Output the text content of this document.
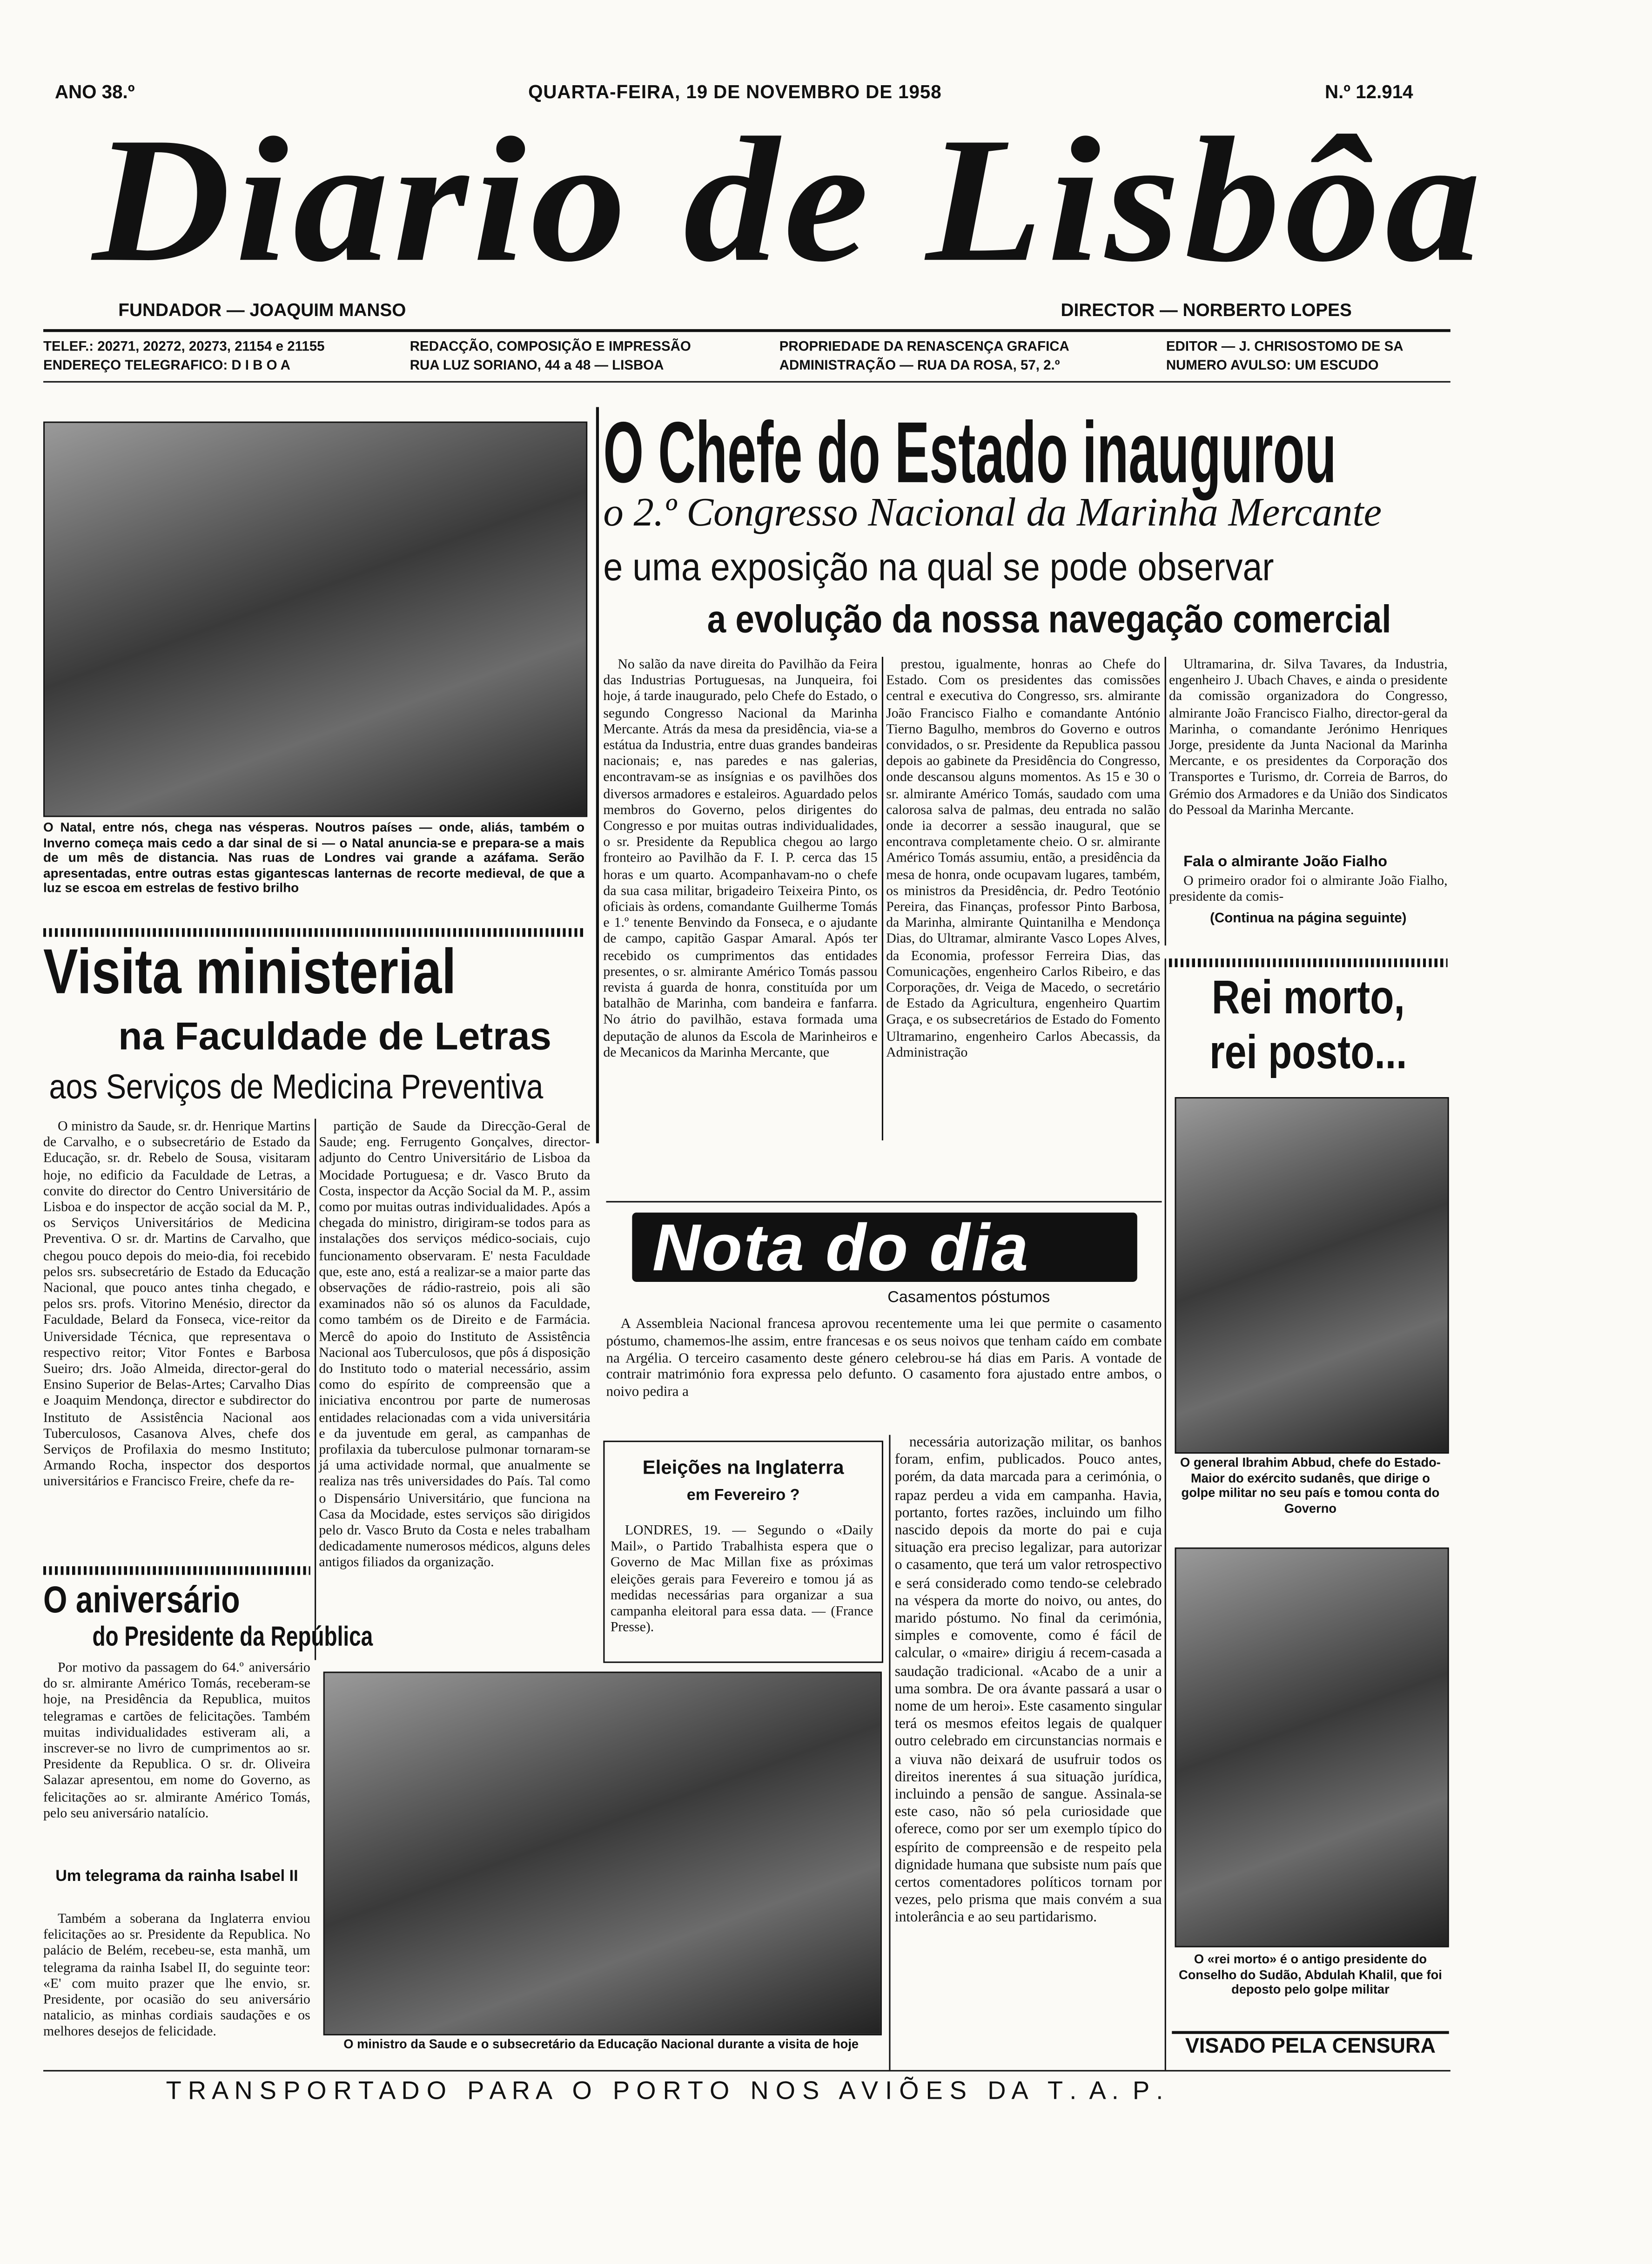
ANO 38.º	QUARTA-FEIRA, 19 DE NOVEMBRO DE 1958	N.º 12.914
Diario de Lisbôa
FUNDADOR — JOAQUIM MANSO	DIRECTOR — NORBERTO LOPES
TELEF.: 20271, 20272, 20273, 21154 e 21155
ENDEREÇO TELEGRAFICO: D I B O A
REDACÇÃO, COMPOSIÇÃO E IMPRESSÃO
RUA LUZ SORIANO, 44 a 48 — LISBOA
PROPRIEDADE DA RENASCENÇA GRAFICA
ADMINISTRAÇÃO — RUA DA ROSA, 57, 2.º
EDITOR — J. CHRISOSTOMO DE SA
NUMERO AVULSO: UM ESCUDO
O Natal, entre nós, chega nas vésperas. Noutros países — onde, aliás, também o Inverno começa mais cedo a dar sinal de si — o Natal anuncia-se e prepara-se a mais de um mês de distancia. Nas ruas de Londres vai grande a azáfama. Serão apresentadas, entre outras estas gigantescas lanternas de recorte medieval, de que a luz se escoa em estrelas de festivo brilho
Visita ministerial
na Faculdade de Letras
aos Serviços de Medicina Preventiva

O ministro da Saude, sr. dr. Henrique Martins de Carvalho, e o subsecretário de Estado da Educação, sr. dr. Rebelo de Sousa, visitaram hoje, no edificio da Faculdade de Letras, a convite do director do Centro Universitário de Lisboa e do inspector de acção social da M. P., os Serviços Universitários de Medicina Preventiva. O sr. dr. Martins de Carvalho, que chegou pouco depois do meio-dia, foi recebido pelos srs. subsecretário de Estado da Educação Nacional, que pouco antes tinha chegado, e pelos srs. profs. Vitorino Menésio, director da Faculdade, Belard da Fonseca, vice-reitor da Universidade Técnica, que representava o respectivo reitor; Vitor Fontes e Barbosa Sueiro; drs. João Almeida, director-geral do Ensino Superior de Belas-Artes; Carvalho Dias e Joaquim Mendonça, director e subdirector do Instituto de Assistência Nacional aos Tuberculosos, Casanova Alves, chefe dos Serviços de Profilaxia do mesmo Instituto; Armando Rocha, inspector dos desportos universitários e Francisco Freire, chefe da re-

partição de Saude da Direcção-Geral de Saude; eng. Ferrugento Gonçalves, director-adjunto do Centro Universitário de Lisboa da Mocidade Portuguesa; e dr. Vasco Bruto da Costa, inspector da Acção Social da M. P., assim como por muitas outras individualidades. Após a chegada do ministro, dirigiram-se todos para as instalações dos serviços médico-sociais, cujo funcionamento observaram. E' nesta Faculdade que, este ano, está a realizar-se a maior parte das observações de rádio-rastreio, pois ali são examinados não só os alunos da Faculdade, como também os de Direito e de Farmácia. Mercê do apoio do Instituto de Assistência Nacional aos Tuberculosos, que pôs á disposição do Instituto todo o material necessário, assim como do espírito de compreensão que a iniciativa encontrou por parte de numerosas entidades relacionadas com a vida universitária e da juventude em geral, as campanhas de profilaxia da tuberculose pulmonar tornaram-se já uma actividade normal, que anualmente se realiza nas três universidades do País. Tal como o Dispensário Universitário, que funciona na Casa da Mocidade, estes serviços são dirigidos pelo dr. Vasco Bruto da Costa e neles trabalham dedicadamente numerosos médicos, alguns deles antigos filiados da organização.

O aniversário
do Presidente da República

Por motivo da passagem do 64.º aniversário do sr. almirante Américo Tomás, receberam-se hoje, na Presidência da Republica, muitos telegramas e cartões de felicitações. Também muitas individualidades estiveram ali, a inscrever-se no livro de cumprimentos ao sr. Presidente da Republica. O sr. dr. Oliveira Salazar apresentou, em nome do Governo, as felicitações ao sr. almirante Américo Tomás, pelo seu aniversário natalício.

Um telegrama da rainha Isabel II

Também a soberana da Inglaterra enviou felicitações ao sr. Presidente da Republica. No palácio de Belém, recebeu-se, esta manhã, um telegrama da rainha Isabel II, do seguinte teor: «E' com muito prazer que lhe envio, sr. Presidente, por ocasião do seu aniversário natalicio, as minhas cordiais saudações e os melhores desejos de felicidade.

O ministro da Saude e o subsecretário da Educação Nacional durante a visita de hoje
O Chefe do Estado inaugurou
o 2.º Congresso Nacional da Marinha Mercante
e uma exposição na qual se pode observar
a evolução da nossa navegação comercial

No salão da nave direita do Pavilhão da Feira das Industrias Portuguesas, na Junqueira, foi hoje, á tarde inaugurado, pelo Chefe do Estado, o segundo Congresso Nacional da Marinha Mercante. Atrás da mesa da presidência, via-se a estátua da Industria, entre duas grandes bandeiras nacionais; e, nas paredes e nas galerias, encontravam-se as insígnias e os pavilhões dos diversos armadores e estaleiros. Aguardado pelos membros do Governo, pelos dirigentes do Congresso e por muitas outras individualidades, o sr. Presidente da Republica chegou ao largo fronteiro ao Pavilhão da F. I. P. cerca das 15 horas e um quarto. Acompanhavam-no o chefe da sua casa militar, brigadeiro Teixeira Pinto, os oficiais às ordens, comandante Guilherme Tomás e 1.º tenente Benvindo da Fonseca, e o ajudante de campo, capitão Gaspar Amaral. Após ter recebido os cumprimentos das entidades presentes, o sr. almirante Américo Tomás passou revista á guarda de honra, constituída por um batalhão de Marinha, com bandeira e fanfarra. No átrio do pavilhão, estava formada uma deputação de alunos da Escola de Marinheiros e de Mecanicos da Marinha Mercante, que

prestou, igualmente, honras ao Chefe do Estado. Com os presidentes das comissões central e executiva do Congresso, srs. almirante João Francisco Fialho e comandante António Tierno Bagulho, membros do Governo e outros convidados, o sr. Presidente da Republica passou depois ao gabinete da Presidência do Congresso, onde descansou alguns momentos. As 15 e 30 o sr. almirante Américo Tomás, saudado com uma calorosa salva de palmas, deu entrada no salão onde ia decorrer a sessão inaugural, que se encontrava completamente cheio. O sr. almirante Américo Tomás assumiu, então, a presidência da mesa de honra, onde ocupavam lugares, também, os ministros da Presidência, dr. Pedro Teotónio Pereira, das Finanças, professor Pinto Barbosa, da Marinha, almirante Quintanilha e Mendonça Dias, do Ultramar, almirante Vasco Lopes Alves, da Economia, professor Ferreira Dias, das Comunicações, engenheiro Carlos Ribeiro, e das Corporações, dr. Veiga de Macedo, o secretário de Estado da Agricultura, engenheiro Quartim Graça, e os subsecretários de Estado do Fomento Ultramarino, engenheiro Carlos Abecassis, da Administração

Ultramarina, dr. Silva Tavares, da Industria, engenheiro J. Ubach Chaves, e ainda o presidente da comissão organizadora do Congresso, almirante João Francisco Fialho, director-geral da Marinha, o comandante Jerónimo Henriques Jorge, presidente da Junta Nacional da Marinha Mercante, e os presidentes da Corporação dos Transportes e Turismo, dr. Correia de Barros, do Grémio dos Armadores e da União dos Sindicatos do Pessoal da Marinha Mercante.

Fala o almirante João Fialho

O primeiro orador foi o almirante João Fialho, presidente da comis-

(Continua na página seguinte)
Rei morto,
rei posto...
O general Ibrahim Abbud, chefe do Estado-Maior do exército sudanês, que dirige o golpe militar no seu país e tomou conta do Governo
O «rei morto» é o antigo presidente do Conselho do Sudão, Abdulah Khalil, que foi deposto pelo golpe militar
VISADO PELA CENSURA
Nota do dia
Casamentos póstumos

A Assembleia Nacional francesa aprovou recentemente uma lei que permite o casamento póstumo, chamemos-lhe assim, entre francesas e os seus noivos que tenham caído em combate na Argélia. O terceiro casamento deste género celebrou-se há dias em Paris. A vontade de contrair matrimónio fora expressa pelo defunto. O casamento fora ajustado entre ambos, o noivo pedira a

necessária autorização militar, os banhos foram, enfim, publicados. Pouco antes, porém, da data marcada para a cerimónia, o rapaz perdeu a vida em campanha. Havia, portanto, fortes razões, incluindo um filho nascido depois da morte do pai e cuja situação era preciso legalizar, para autorizar o casamento, que terá um valor retrospectivo e será considerado como tendo-se celebrado na véspera da morte do noivo, ou antes, do marido póstumo. No final da cerimónia, simples e comovente, como é fácil de calcular, o «maire» dirigiu á recem-casada a saudação tradicional. «Acabo de a unir a uma sombra. De ora ávante passará a usar o nome de um heroi». Este casamento singular terá os mesmos efeitos legais de qualquer outro celebrado em circunstancias normais e a viuva não deixará de usufruir todos os direitos inerentes á sua situação jurídica, incluindo a pensão de sangue. Assinala-se este caso, não só pela curiosidade que oferece, como por ser um exemplo típico do espírito de compreensão e de respeito pela dignidade humana que subsiste num país que certos comentadores políticos tornam por vezes, pelo prisma que mais convém a sua intolerância e ao seu partidarismo.

Eleições na Inglaterra
em Fevereiro ?

LONDRES, 19. — Segundo o «Daily Mail», o Partido Trabalhista espera que o Governo de Mac Millan fixe as próximas eleições gerais para Fevereiro e tomou já as medidas necessárias para organizar a sua campanha eleitoral para essa data. — (France Presse).

T R A N S P O R T A D O   P A R A   O   P O R T O   N O S   A V I Õ E S   D A   T .  A .  P .
